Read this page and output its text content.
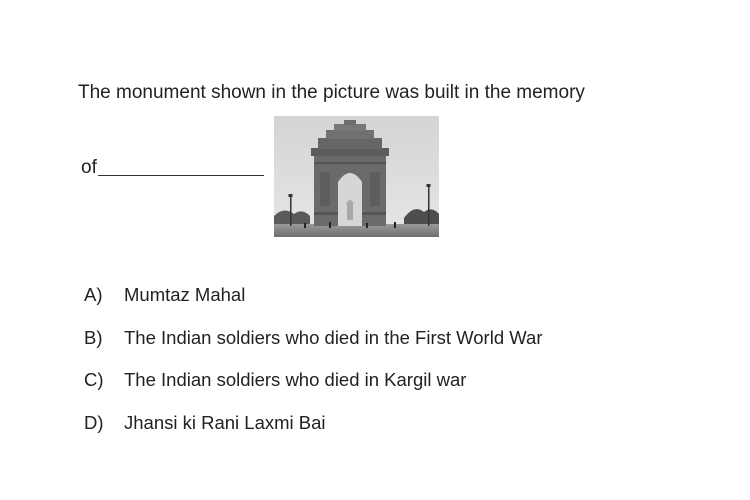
The monument shown in the picture was built in the memory
of
A)	Mumtaz Mahal
B)	The Indian soldiers who died in the First World War
C)	The Indian soldiers who died in Kargil war
D)	Jhansi ki Rani Laxmi Bai
